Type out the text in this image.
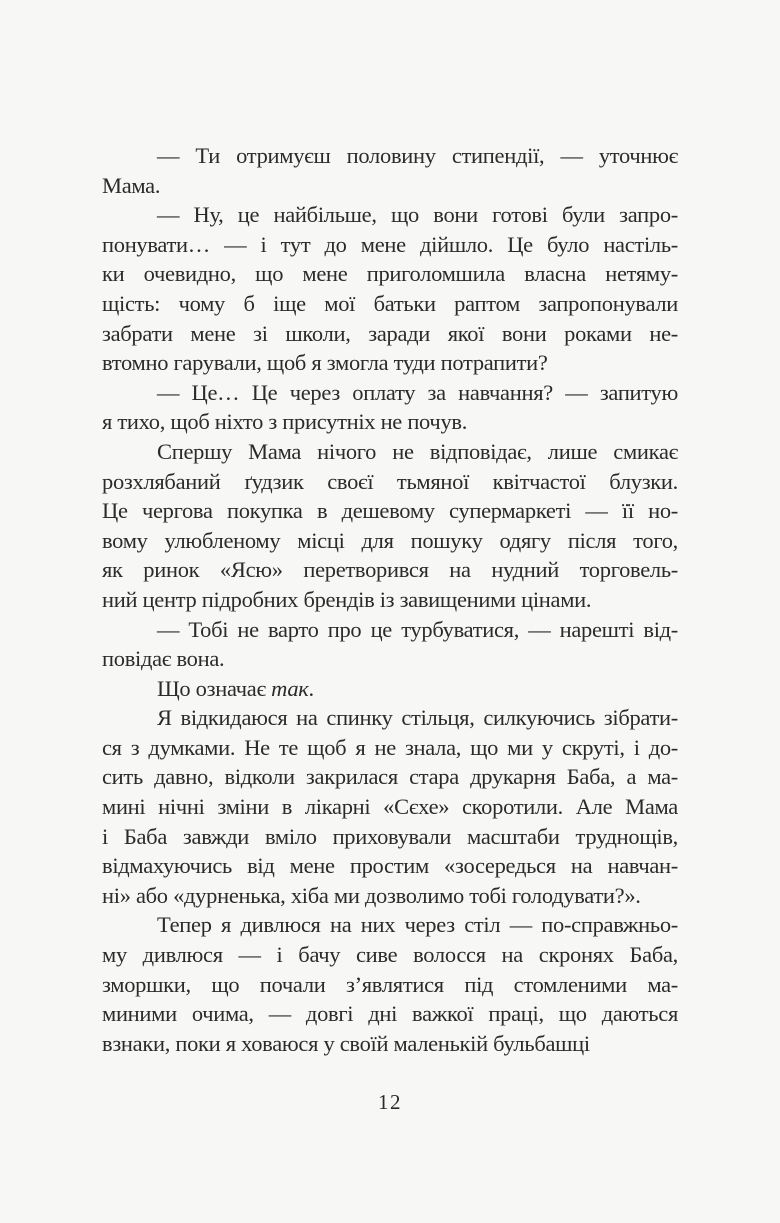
— Ти отримуєш половину стипендії, — уточнює
Мама.
— Ну, це найбільше, що вони готові були запро-
понувати… — і тут до мене дійшло. Це було настіль-
ки очевидно, що мене приголомшила власна нетяму-
щість: чому б іще мої батьки раптом запропонували
забрати мене зі школи, заради якої вони роками не-
втомно гарували, щоб я змогла туди потрапити?
— Це… Це через оплату за навчання? — запитую
я тихо, щоб ніхто з присутніх не почув.
Спершу Мама нічого не відповідає, лише смикає
розхлябаний ґудзик своєї тьмяної квітчастої блузки.
Це чергова покупка в дешевому супермаркеті — її но-
вому улюбленому місці для пошуку одягу після того,
як ринок «Ясю» перетворився на нудний торговель-
ний центр підробних брендів із завищеними цінами.
— Тобі не варто про це турбуватися, — нарешті від-
повідає вона.
Що означає так.
Я відкидаюся на спинку стільця, силкуючись зібрати-
ся з думками. Не те щоб я не знала, що ми у скруті, і до-
сить давно, відколи закрилася стара друкарня Баба, а ма-
мині нічні зміни в лікарні «Сєхе» скоротили. Але Мама
і Баба завжди вміло приховували масштаби труднощів,
відмахуючись від мене простим «зосередься на навчан-
ні» або «дурненька, хіба ми дозволимо тобі голодувати?».
Тепер я дивлюся на них через стіл — по-справжньо-
му дивлюся — і бачу сиве волосся на скронях Баба,
зморшки, що почали з’являтися під стомленими ма-
миними очима, — довгі дні важкої праці, що даються
взнаки, поки я ховаюся у своїй маленькій бульбашці
12
